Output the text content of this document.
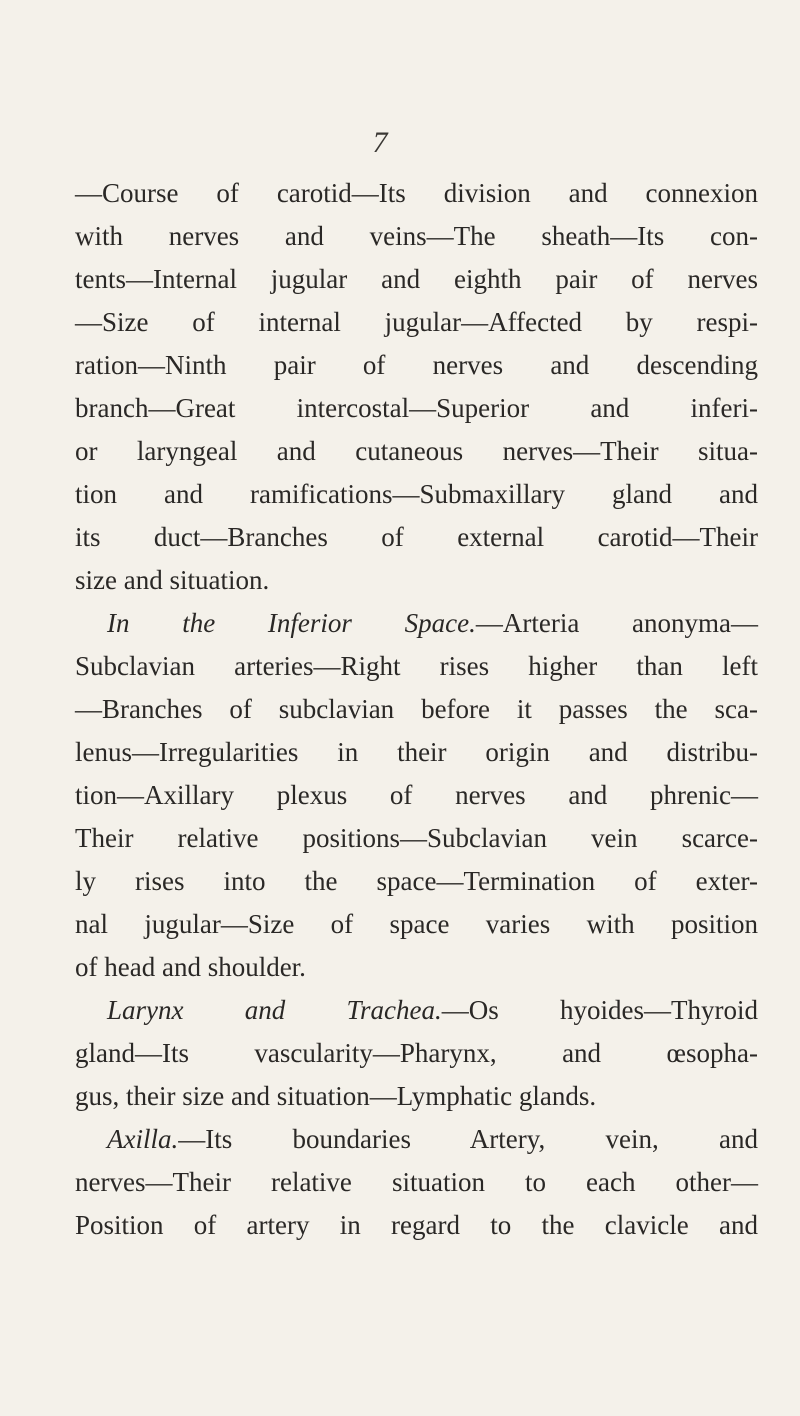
7
—Course of carotid—Its division and connexion
with nerves and veins—The sheath—Its con-
tents—Internal jugular and eighth pair of nerves
—Size of internal jugular—Affected by respi-
ration—Ninth pair of nerves and descending
branch—Great intercostal—Superior and inferi-
or laryngeal and cutaneous nerves—Their situa-
tion and ramifications—Submaxillary gland and
its duct—Branches of external carotid—Their
size and situation.
In the Inferior Space.—Arteria anonyma—
Subclavian arteries—Right rises higher than left
—Branches of subclavian before it passes the sca-
lenus—Irregularities in their origin and distribu-
tion—Axillary plexus of nerves and phrenic—
Their relative positions—Subclavian vein scarce-
ly rises into the space—Termination of exter-
nal jugular—Size of space varies with position
of head and shoulder.
Larynx and Trachea.—Os hyoides—Thyroid
gland—Its vascularity—Pharynx, and œsopha-
gus, their size and situation—Lymphatic glands.
Axilla.—Its boundaries Artery, vein, and
nerves—Their relative situation to each other—
Position of artery in regard to the clavicle and
